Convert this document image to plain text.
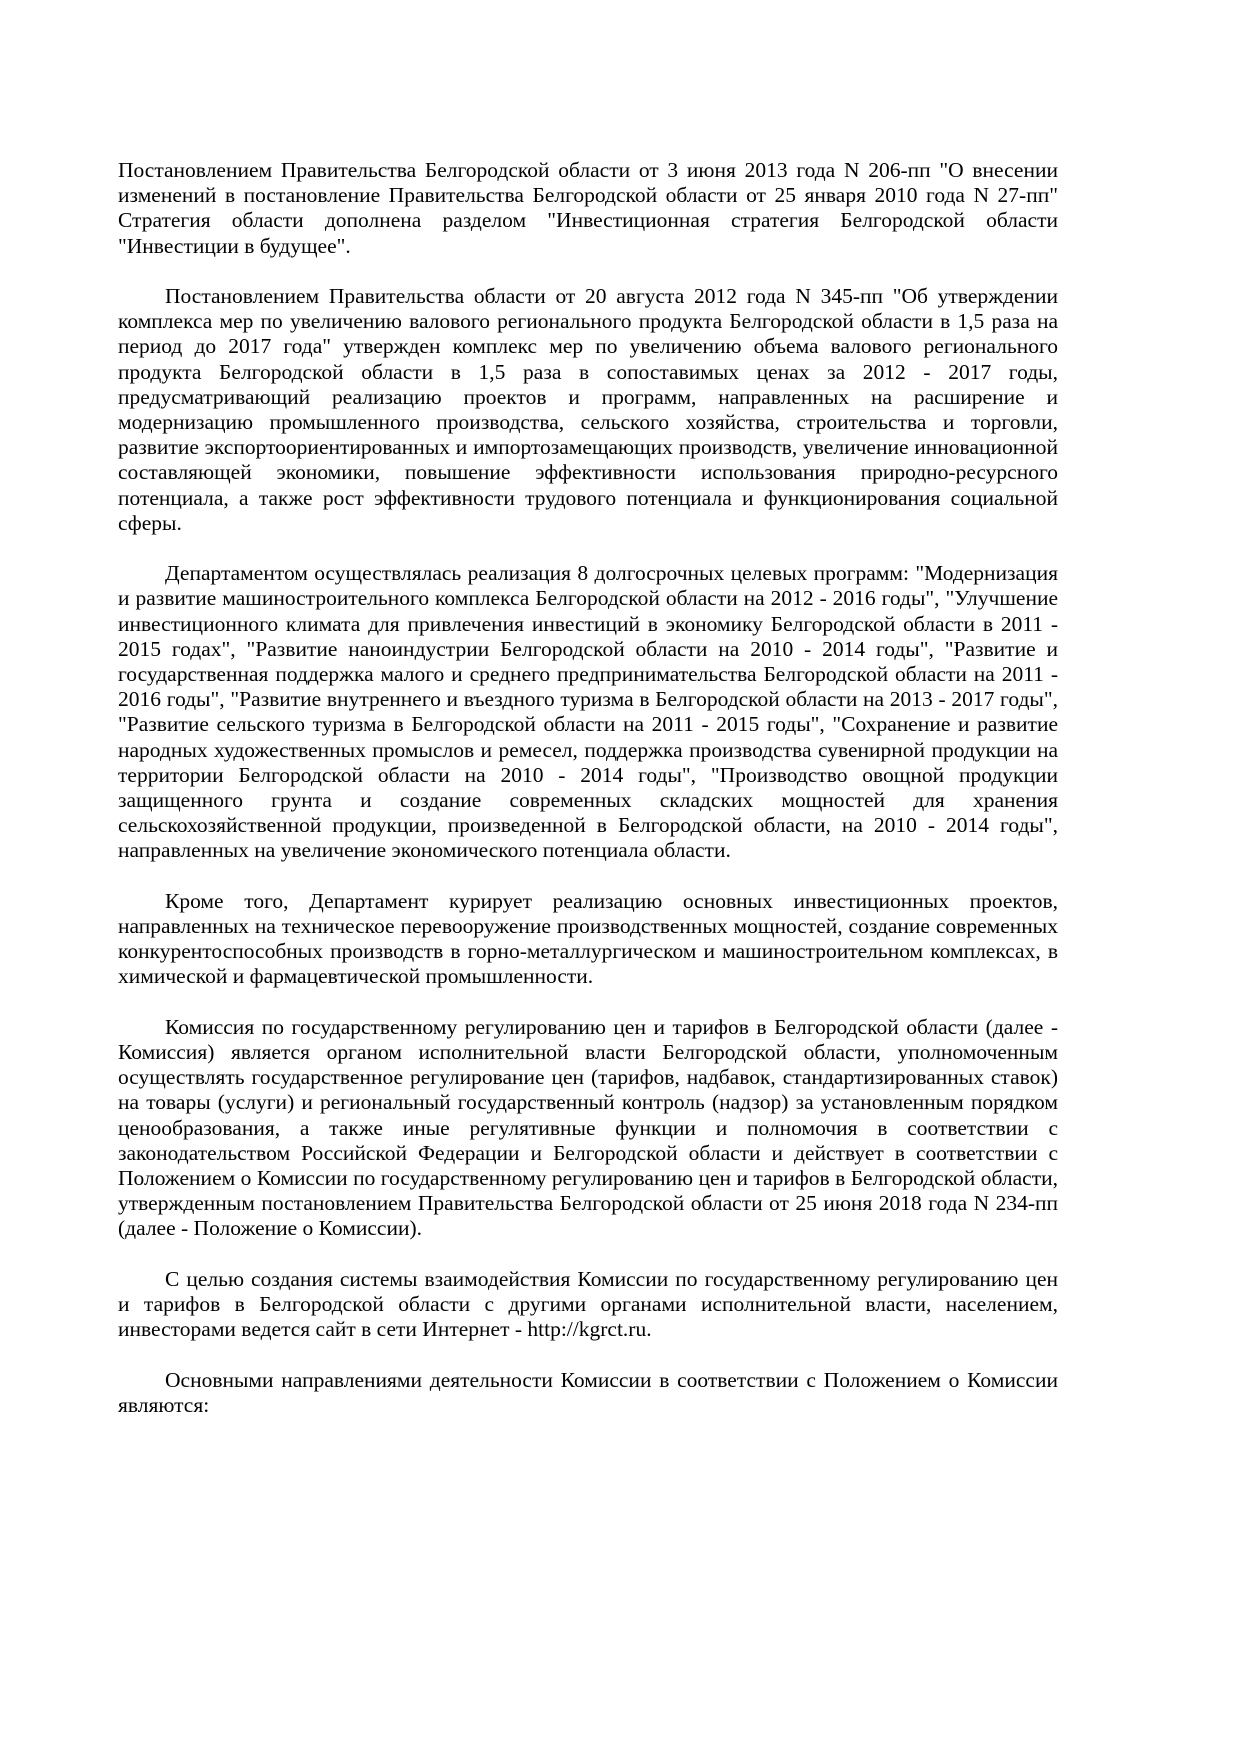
Постановлением Правительства Белгородской области от 3 июня 2013 года N 206-пп "О внесении изменений в постановление Правительства Белгородской области от 25 января 2010 года N 27-пп" Стратегия области дополнена разделом "Инвестиционная стратегия Белгородской области "Инвестиции в будущее".

Постановлением Правительства области от 20 августа 2012 года N 345-пп "Об утверждении комплекса мер по увеличению валового регионального продукта Белгородской области в 1,5 раза на период до 2017 года" утвержден комплекс мер по увеличению объема валового регионального продукта Белгородской области в 1,5 раза в сопоставимых ценах за 2012 - 2017 годы, предусматривающий реализацию проектов и программ, направленных на расширение и модернизацию промышленного производства, сельского хозяйства, строительства и торговли, развитие экспортоориентированных и импортозамещающих производств, увеличение инновационной составляющей экономики, повышение эффективности использования природно-ресурсного потенциала, а также рост эффективности трудового потенциала и функционирования социальной сферы.

Департаментом осуществлялась реализация 8 долгосрочных целевых программ: "Модернизация и развитие машиностроительного комплекса Белгородской области на 2012 - 2016 годы", "Улучшение инвестиционного климата для привлечения инвестиций в экономику Белгородской области в 2011 - 2015 годах", "Развитие наноиндустрии Белгородской области на 2010 - 2014 годы", "Развитие и государственная поддержка малого и среднего предпринимательства Белгородской области на 2011 - 2016 годы", "Развитие внутреннего и въездного туризма в Белгородской области на 2013 - 2017 годы", "Развитие сельского туризма в Белгородской области на 2011 - 2015 годы", "Сохранение и развитие народных художественных промыслов и ремесел, поддержка производства сувенирной продукции на территории Белгородской области на 2010 - 2014 годы", "Производство овощной продукции защищенного грунта и создание современных складских мощностей для хранения сельскохозяйственной продукции, произведенной в Белгородской области, на 2010 - 2014 годы", направленных на увеличение экономического потенциала области.

Кроме того, Департамент курирует реализацию основных инвестиционных проектов, направленных на техническое перевооружение производственных мощностей, создание современных конкурентоспособных производств в горно-металлургическом и машиностроительном комплексах, в химической и фармацевтической промышленности.

Комиссия по государственному регулированию цен и тарифов в Белгородской области (далее - Комиссия) является органом исполнительной власти Белгородской области, уполномоченным осуществлять государственное регулирование цен (тарифов, надбавок, стандартизированных ставок) на товары (услуги) и региональный государственный контроль (надзор) за установленным порядком ценообразования, а также иные регулятивные функции и полномочия в соответствии с законодательством Российской Федерации и Белгородской области и действует в соответствии с Положением о Комиссии по государственному регулированию цен и тарифов в Белгородской области, утвержденным постановлением Правительства Белгородской области от 25 июня 2018 года N 234-пп (далее - Положение о Комиссии).

С целью создания системы взаимодействия Комиссии по государственному регулированию цен и тарифов в Белгородской области с другими органами исполнительной власти, населением, инвесторами ведется сайт в сети Интернет - http://kgrct.ru.

Основными направлениями деятельности Комиссии в соответствии с Положением о Комиссии являются:
